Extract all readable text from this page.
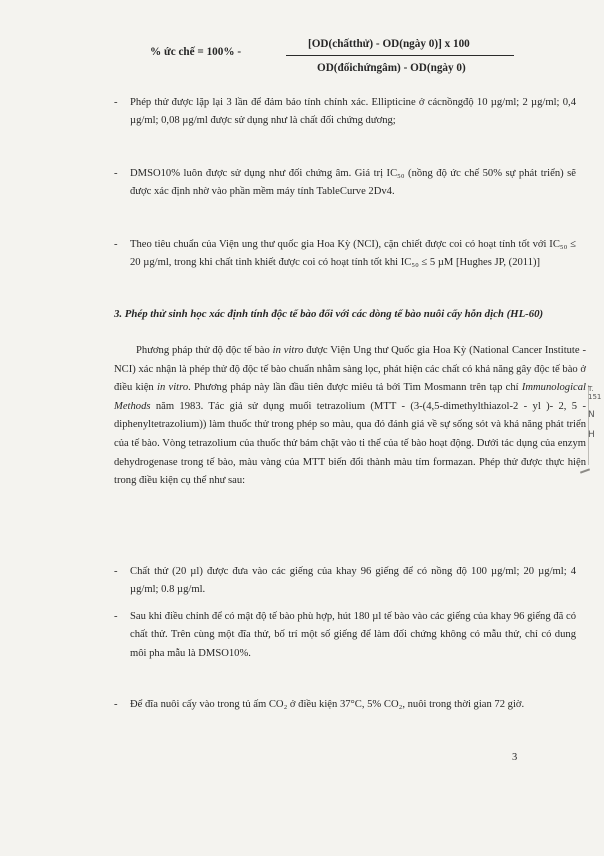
% ức chế = 100% -
[OD(chấtthử) - OD(ngày 0)] x 100
OD(đốichứngâm) - OD(ngày 0)
- Phép thử được lặp lại 3 lần để đảm bảo tính chính xác. Ellipticine ở cácnồngđộ 10 µg/ml; 2 µg/ml; 0,4 µg/ml; 0,08 µg/ml được sử dụng như là chất đối chứng dương;
- DMSO10% luôn được sử dụng như đối chứng âm. Giá trị IC₅₀ (nồng độ ức chế 50% sự phát triển) sẽ được xác định nhờ vào phần mềm máy tính TableCurve 2Dv4.
- Theo tiêu chuẩn của Viện ung thư quốc gia Hoa Kỳ (NCI), cặn chiết được coi có hoạt tính tốt với IC₅₀ ≤ 20 µg/ml, trong khi chất tinh khiết được coi có hoạt tính tốt khi IC₅₀ ≤ 5 µM [Hughes JP, (2011)]
3. Phép thử sinh học xác định tính độc tế bào đối với các dòng tế bào nuôi cấy hỗn dịch (HL-60)
Phương pháp thử độ độc tế bào in vitro được Viện Ung thư Quốc gia Hoa Kỳ (National Cancer Institute - NCI) xác nhận là phép thử độ độc tế bào chuẩn nhằm sàng lọc, phát hiện các chất có khả năng gây độc tế bào ở điều kiện in vitro. Phương pháp này lần đầu tiên được miêu tả bởi Tim Mosmann trên tạp chí Immunological Methods năm 1983. Tác giả sử dụng muối tetrazolium (MTT - (3-(4,5-dimethylthiazol-2 - yl )- 2, 5 - diphenyltetrazolium)) làm thuốc thử trong phép so màu, qua đó đánh giá về sự sống sót và khả năng phát triển của tế bào. Vòng tetrazolium của thuốc thử bám chặt vào ti thể của tế bào hoạt động. Dưới tác dụng của enzym dehydrogenase trong tế bào, màu vàng của MTT biến đổi thành màu tím formazan. Phép thử được thực hiện trong điều kiện cụ thể như sau:
- Chất thử (20 µl) được đưa vào các giếng của khay 96 giếng để có nồng độ 100 µg/ml; 20 µg/ml; 4 µg/ml; 0.8 µg/ml.
- Sau khi điều chỉnh để có mật độ tế bào phù hợp, hút 180 µl tế bào vào các giếng của khay 96 giếng đã có chất thử. Trên cùng một đĩa thử, bố trí một số giếng để làm đối chứng không có mẫu thử, chỉ có dung môi pha mẫu là DMSO10%.
- Để đĩa nuôi cấy vào trong tủ ấm CO₂ ở điều kiện 37°C, 5% CO₂, nuôi trong thời gian 72 giờ.
3
T. 151
N
H
